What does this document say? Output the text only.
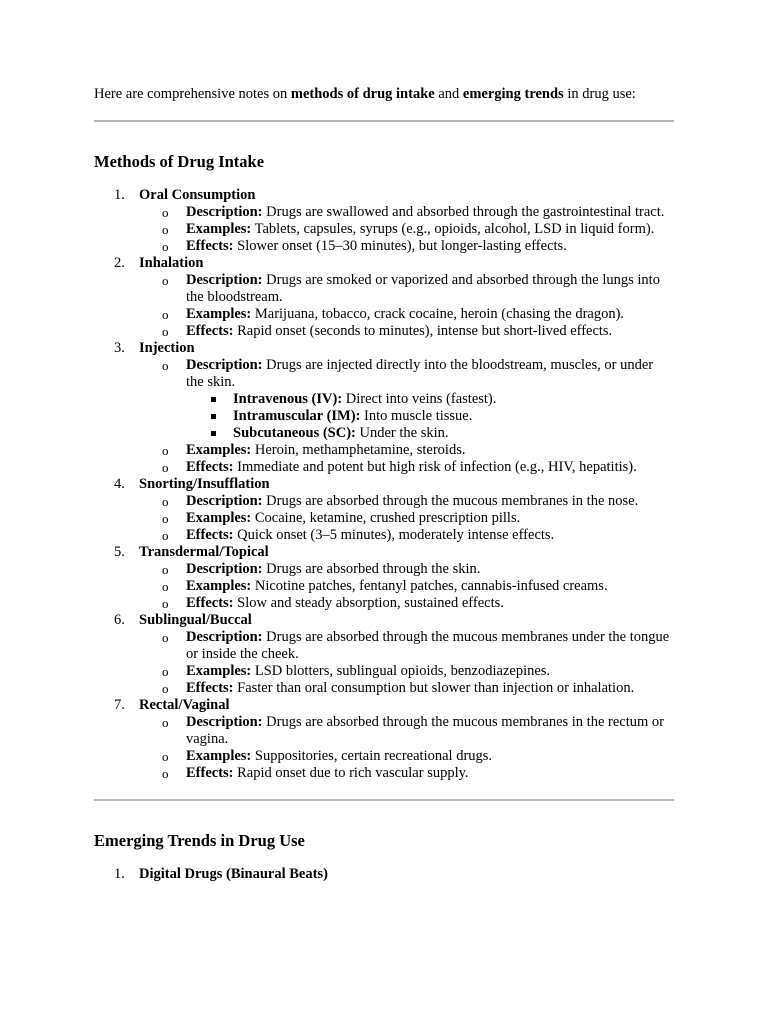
Here are comprehensive notes on methods of drug intake and emerging trends in drug use:

Methods of Drug Intake
1. Oral Consumption
o Description: Drugs are swallowed and absorbed through the gastrointestinal tract.
o Examples: Tablets, capsules, syrups (e.g., opioids, alcohol, LSD in liquid form).
o Effects: Slower onset (15–30 minutes), but longer-lasting effects.
2. Inhalation
o Description: Drugs are smoked or vaporized and absorbed through the lungs into the bloodstream.
o Examples: Marijuana, tobacco, crack cocaine, heroin (chasing the dragon).
o Effects: Rapid onset (seconds to minutes), intense but short-lived effects.
3. Injection
o Description: Drugs are injected directly into the bloodstream, muscles, or under the skin.
Intravenous (IV): Direct into veins (fastest).
Intramuscular (IM): Into muscle tissue.
Subcutaneous (SC): Under the skin.
o Examples: Heroin, methamphetamine, steroids.
o Effects: Immediate and potent but high risk of infection (e.g., HIV, hepatitis).
4. Snorting/Insufflation
o Description: Drugs are absorbed through the mucous membranes in the nose.
o Examples: Cocaine, ketamine, crushed prescription pills.
o Effects: Quick onset (3–5 minutes), moderately intense effects.
5. Transdermal/Topical
o Description: Drugs are absorbed through the skin.
o Examples: Nicotine patches, fentanyl patches, cannabis-infused creams.
o Effects: Slow and steady absorption, sustained effects.
6. Sublingual/Buccal
o Description: Drugs are absorbed through the mucous membranes under the tongue or inside the cheek.
o Examples: LSD blotters, sublingual opioids, benzodiazepines.
o Effects: Faster than oral consumption but slower than injection or inhalation.
7. Rectal/Vaginal
o Description: Drugs are absorbed through the mucous membranes in the rectum or vagina.
o Examples: Suppositories, certain recreational drugs.
o Effects: Rapid onset due to rich vascular supply.
Emerging Trends in Drug Use
1. Digital Drugs (Binaural Beats)
